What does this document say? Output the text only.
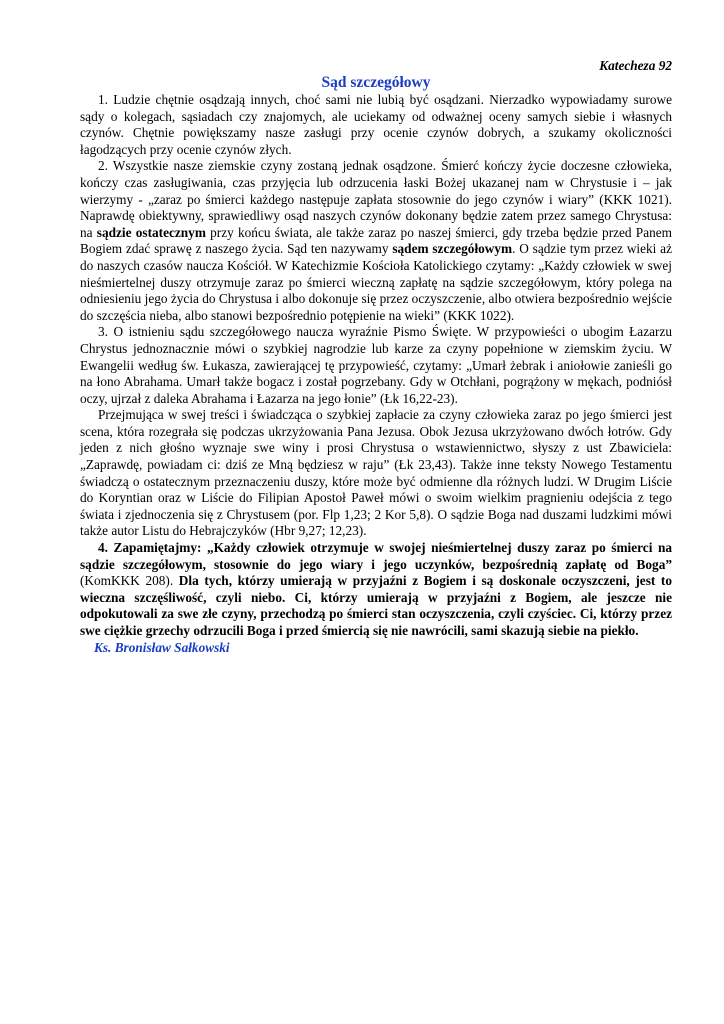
Katecheza 92

Sąd szczegółowy

1. Ludzie chętnie osądzają innych, choć sami nie lubią być osądzani. Nierzadko wypowiadamy surowe sądy o kolegach, sąsiadach czy znajomych, ale uciekamy od odważnej oceny samych siebie i własnych czynów. Chętnie powiększamy nasze zasługi przy ocenie czynów dobrych, a szukamy okoliczności łagodzących przy ocenie czynów złych.

2. Wszystkie nasze ziemskie czyny zostaną jednak osądzone. Śmierć kończy życie doczesne człowieka, kończy czas zasługiwania, czas przyjęcia lub odrzucenia łaski Bożej ukazanej nam w Chrystusie i – jak wierzymy - „zaraz po śmierci każdego następuje zapłata stosownie do jego czynów i wiary” (KKK 1021). Naprawdę obiektywny, sprawiedliwy osąd naszych czynów dokonany będzie zatem przez samego Chrystusa: na sądzie ostatecznym przy końcu świata, ale także zaraz po naszej śmierci, gdy trzeba będzie przed Panem Bogiem zdać sprawę z naszego życia. Sąd ten nazywamy sądem szczegółowym. O sądzie tym przez wieki aż do naszych czasów naucza Kościół. W Katechizmie Kościoła Katolickiego czytamy: „Każdy człowiek w swej nieśmiertelnej duszy otrzymuje zaraz po śmierci wieczną zapłatę na sądzie szczegółowym, który polega na odniesieniu jego życia do Chrystusa i albo dokonuje się przez oczyszczenie, albo otwiera bezpośrednio wejście do szczęścia nieba, albo stanowi bezpośrednio potępienie na wieki” (KKK 1022).

3. O istnieniu sądu szczegółowego naucza wyraźnie Pismo Święte. W przypowieści o ubogim Łazarzu Chrystus jednoznacznie mówi o szybkiej nagrodzie lub karze za czyny popełnione w ziemskim życiu. W Ewangelii według św. Łukasza, zawierającej tę przypowieść, czytamy: „Umarł żebrak i aniołowie zanieśli go na łono Abrahama. Umarł także bogacz i został pogrzebany. Gdy w Otchłani, pogrążony w mękach, podniósł oczy, ujrzał z daleka Abrahama i Łazarza na jego łonie” (Łk 16,22-23).

Przejmująca w swej treści i świadcząca o szybkiej zapłacie za czyny człowieka zaraz po jego śmierci jest scena, która rozegrała się podczas ukrzyżowania Pana Jezusa. Obok Jezusa ukrzyżowano dwóch łotrów. Gdy jeden z nich głośno wyznaje swe winy i prosi Chrystusa o wstawiennictwo, słyszy z ust Zbawiciela: „Zaprawdę, powiadam ci: dziś ze Mną będziesz w raju” (Łk 23,43). Także inne teksty Nowego Testamentu świadczą o ostatecznym przeznaczeniu duszy, które może być odmienne dla różnych ludzi. W Drugim Liście do Koryntian oraz w Liście do Filipian Apostoł Paweł mówi o swoim wielkim pragnieniu odejścia z tego świata i zjednoczenia się z Chrystusem (por. Flp 1,23; 2 Kor 5,8). O sądzie Boga nad duszami ludzkimi mówi także autor Listu do Hebrajczyków (Hbr 9,27; 12,23).

4. Zapamiętajmy: „Każdy człowiek otrzymuje w swojej nieśmiertelnej duszy zaraz po śmierci na sądzie szczegółowym, stosownie do jego wiary i jego uczynków, bezpośrednią zapłatę od Boga” (KomKKK 208). Dla tych, którzy umierają w przyjaźni z Bogiem i są doskonale oczyszczeni, jest to wieczna szczęśliwość, czyli niebo. Ci, którzy umierają w przyjaźni z Bogiem, ale jeszcze nie odpokutowali za swe złe czyny, przechodzą po śmierci stan oczyszczenia, czyli czyściec. Ci, którzy przez swe ciężkie grzechy odrzucili Boga i przed śmiercią się nie nawrócili, sami skazują siebie na piekło.

Ks. Bronisław Sałkowski
